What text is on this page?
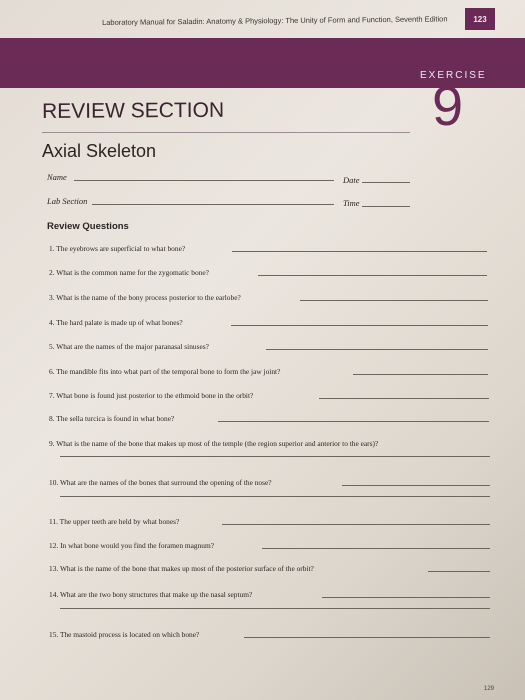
Laboratory Manual for Saladin: Anatomy & Physiology: The Unity of Form and Function, Seventh Edition	123
EXERCISE
9
REVIEW SECTION
Axial Skeleton
Name	Date
Lab Section	Time
Review Questions
1. The eyebrows are superficial to what bone?
2. What is the common name for the zygomatic bone?
3. What is the name of the bony process posterior to the earlobe?
4. The hard palate is made up of what bones?
5. What are the names of the major paranasal sinuses?
6. The mandible fits into what part of the temporal bone to form the jaw joint?
7. What bone is found just posterior to the ethmoid bone in the orbit?
8. The sella turcica is found in what bone?
9. What is the name of the bone that makes up most of the temple (the region superior and anterior to the ears)?
10. What are the names of the bones that surround the opening of the nose?
11. The upper teeth are held by what bones?
12. In what bone would you find the foramen magnum?
13. What is the name of the bone that makes up most of the posterior surface of the orbit?
14. What are the two bony structures that make up the nasal septum?
15. The mastoid process is located on which bone?
129
